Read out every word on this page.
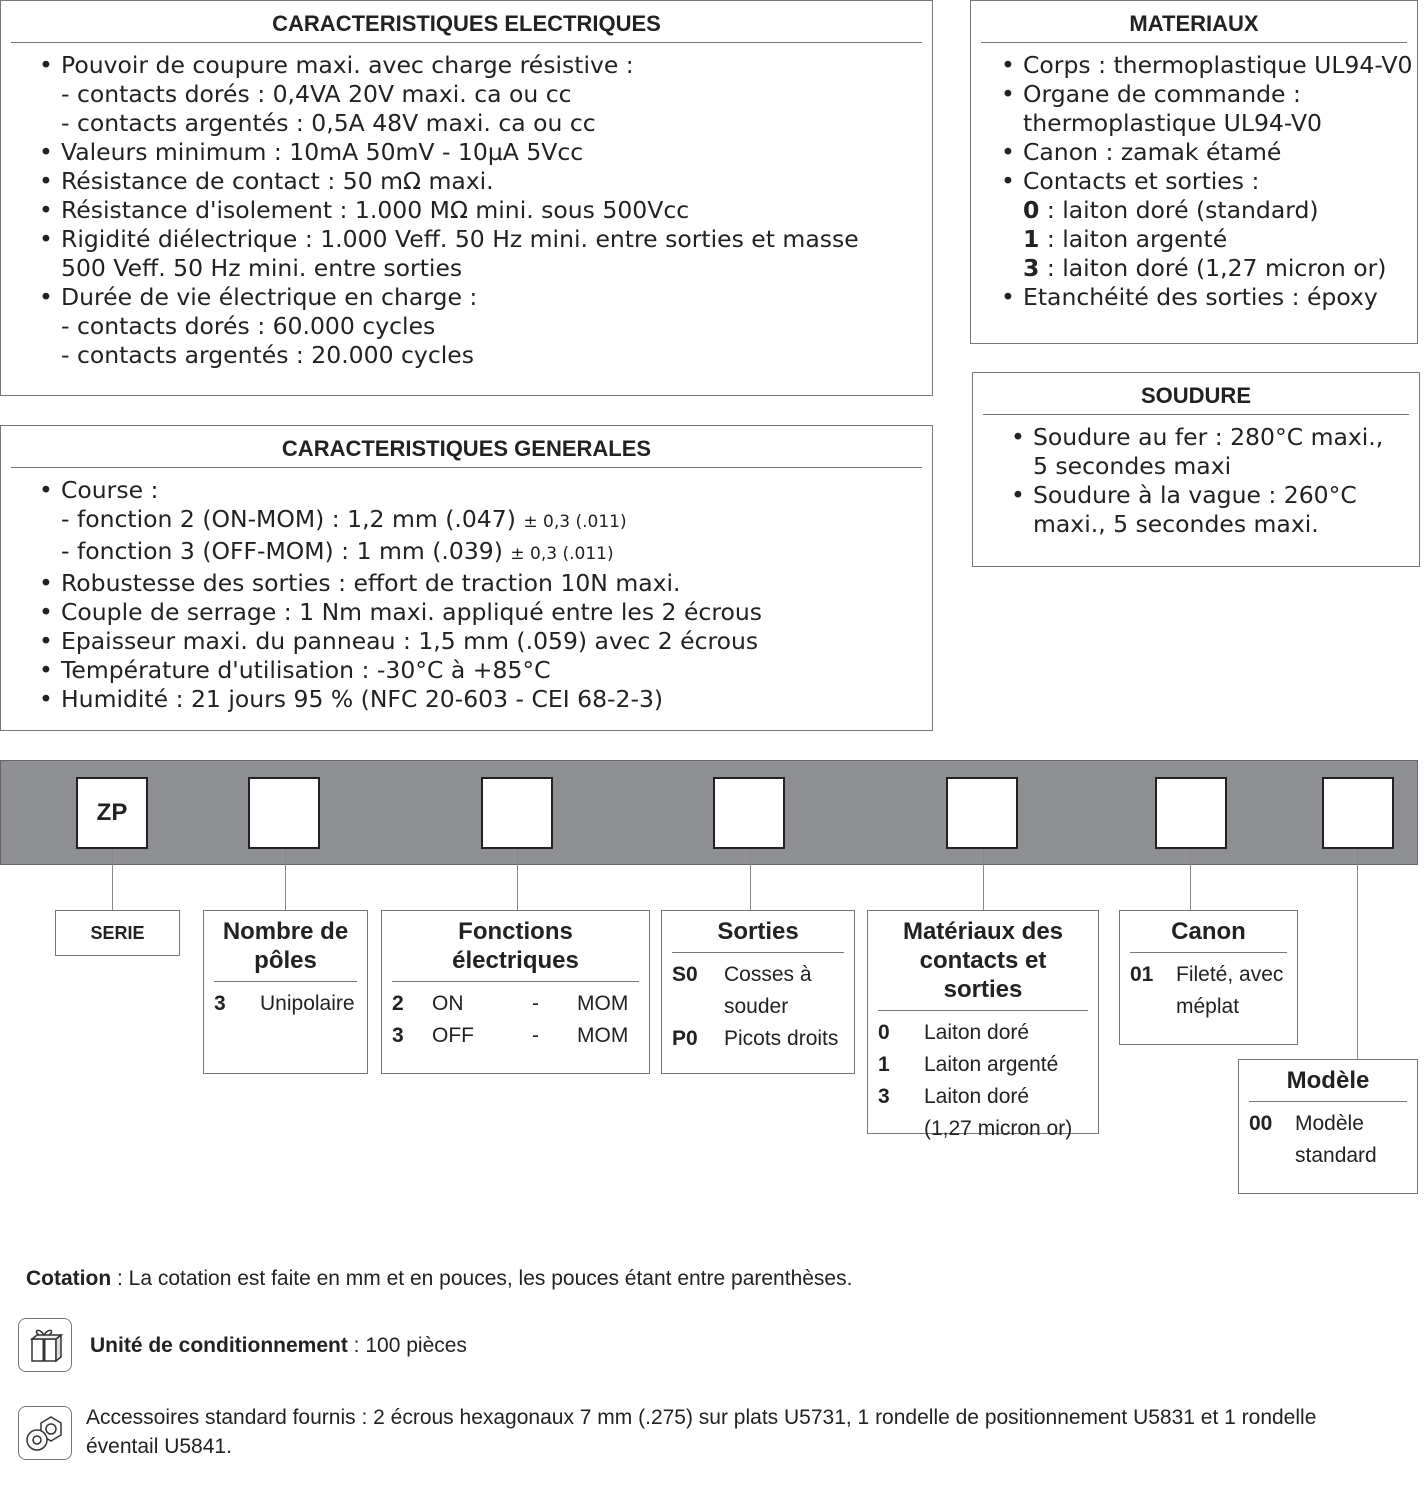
CARACTERISTIQUES ELECTRIQUES
• Pouvoir de coupure maxi. avec charge résistive :
- contacts dorés : 0,4VA 20V maxi. ca ou cc
- contacts argentés : 0,5A 48V maxi. ca ou cc
• Valeurs minimum : 10mA 50mV - 10µA 5Vcc
• Résistance de contact : 50 mΩ maxi.
• Résistance d'isolement : 1.000 MΩ mini. sous 500Vcc
• Rigidité diélectrique : 1.000 Veff. 50 Hz mini. entre sorties et masse
500 Veff. 50 Hz mini. entre sorties
• Durée de vie électrique en charge :
- contacts dorés : 60.000 cycles
- contacts argentés : 20.000 cycles
CARACTERISTIQUES GENERALES
• Course :
- fonction 2 (ON-MOM) : 1,2 mm (.047) ± 0,3 (.011)
- fonction 3 (OFF-MOM) : 1 mm (.039) ± 0,3 (.011)
• Robustesse des sorties : effort de traction 10N maxi.
• Couple de serrage : 1 Nm maxi. appliqué entre les 2 écrous
• Epaisseur maxi. du panneau : 1,5 mm (.059) avec 2 écrous
• Température d'utilisation : -30°C à +85°C
• Humidité : 21 jours 95 % (NFC 20-603 - CEI 68-2-3)
MATERIAUX
• Corps : thermoplastique UL94-V0
• Organe de commande :
thermoplastique UL94-V0
• Canon : zamak étamé
• Contacts et sorties :
0 : laiton doré (standard)
1 : laiton argenté
3 : laiton doré (1,27 micron or)
• Etanchéité des sorties : époxy
SOUDURE
• Soudure au fer : 280°C maxi.,
5 secondes maxi
• Soudure à la vague : 260°C
maxi., 5 secondes maxi.
ZP
SERIE	Nombre de
pôles
3	Unipolaire
Fonctions électriques
2	ON	-	MOM
3	OFF	-	MOM
Sorties
S0	Cosses à
souder
P0	Picots droits
Matériaux des
contacts et sorties
0	Laiton doré
1	Laiton argenté
3	Laiton doré
(1,27 micron or)
Canon
01	Fileté, avec
méplat
Modèle
00	Modèle
standard
Cotation : La cotation est faite en mm et en pouces, les pouces étant entre parenthèses.
Unité de conditionnement : 100 pièces
Accessoires standard fournis : 2 écrous hexagonaux 7 mm (.275) sur plats U5731, 1 rondelle de positionnement U5831 et 1 rondelle
éventail U5841.
